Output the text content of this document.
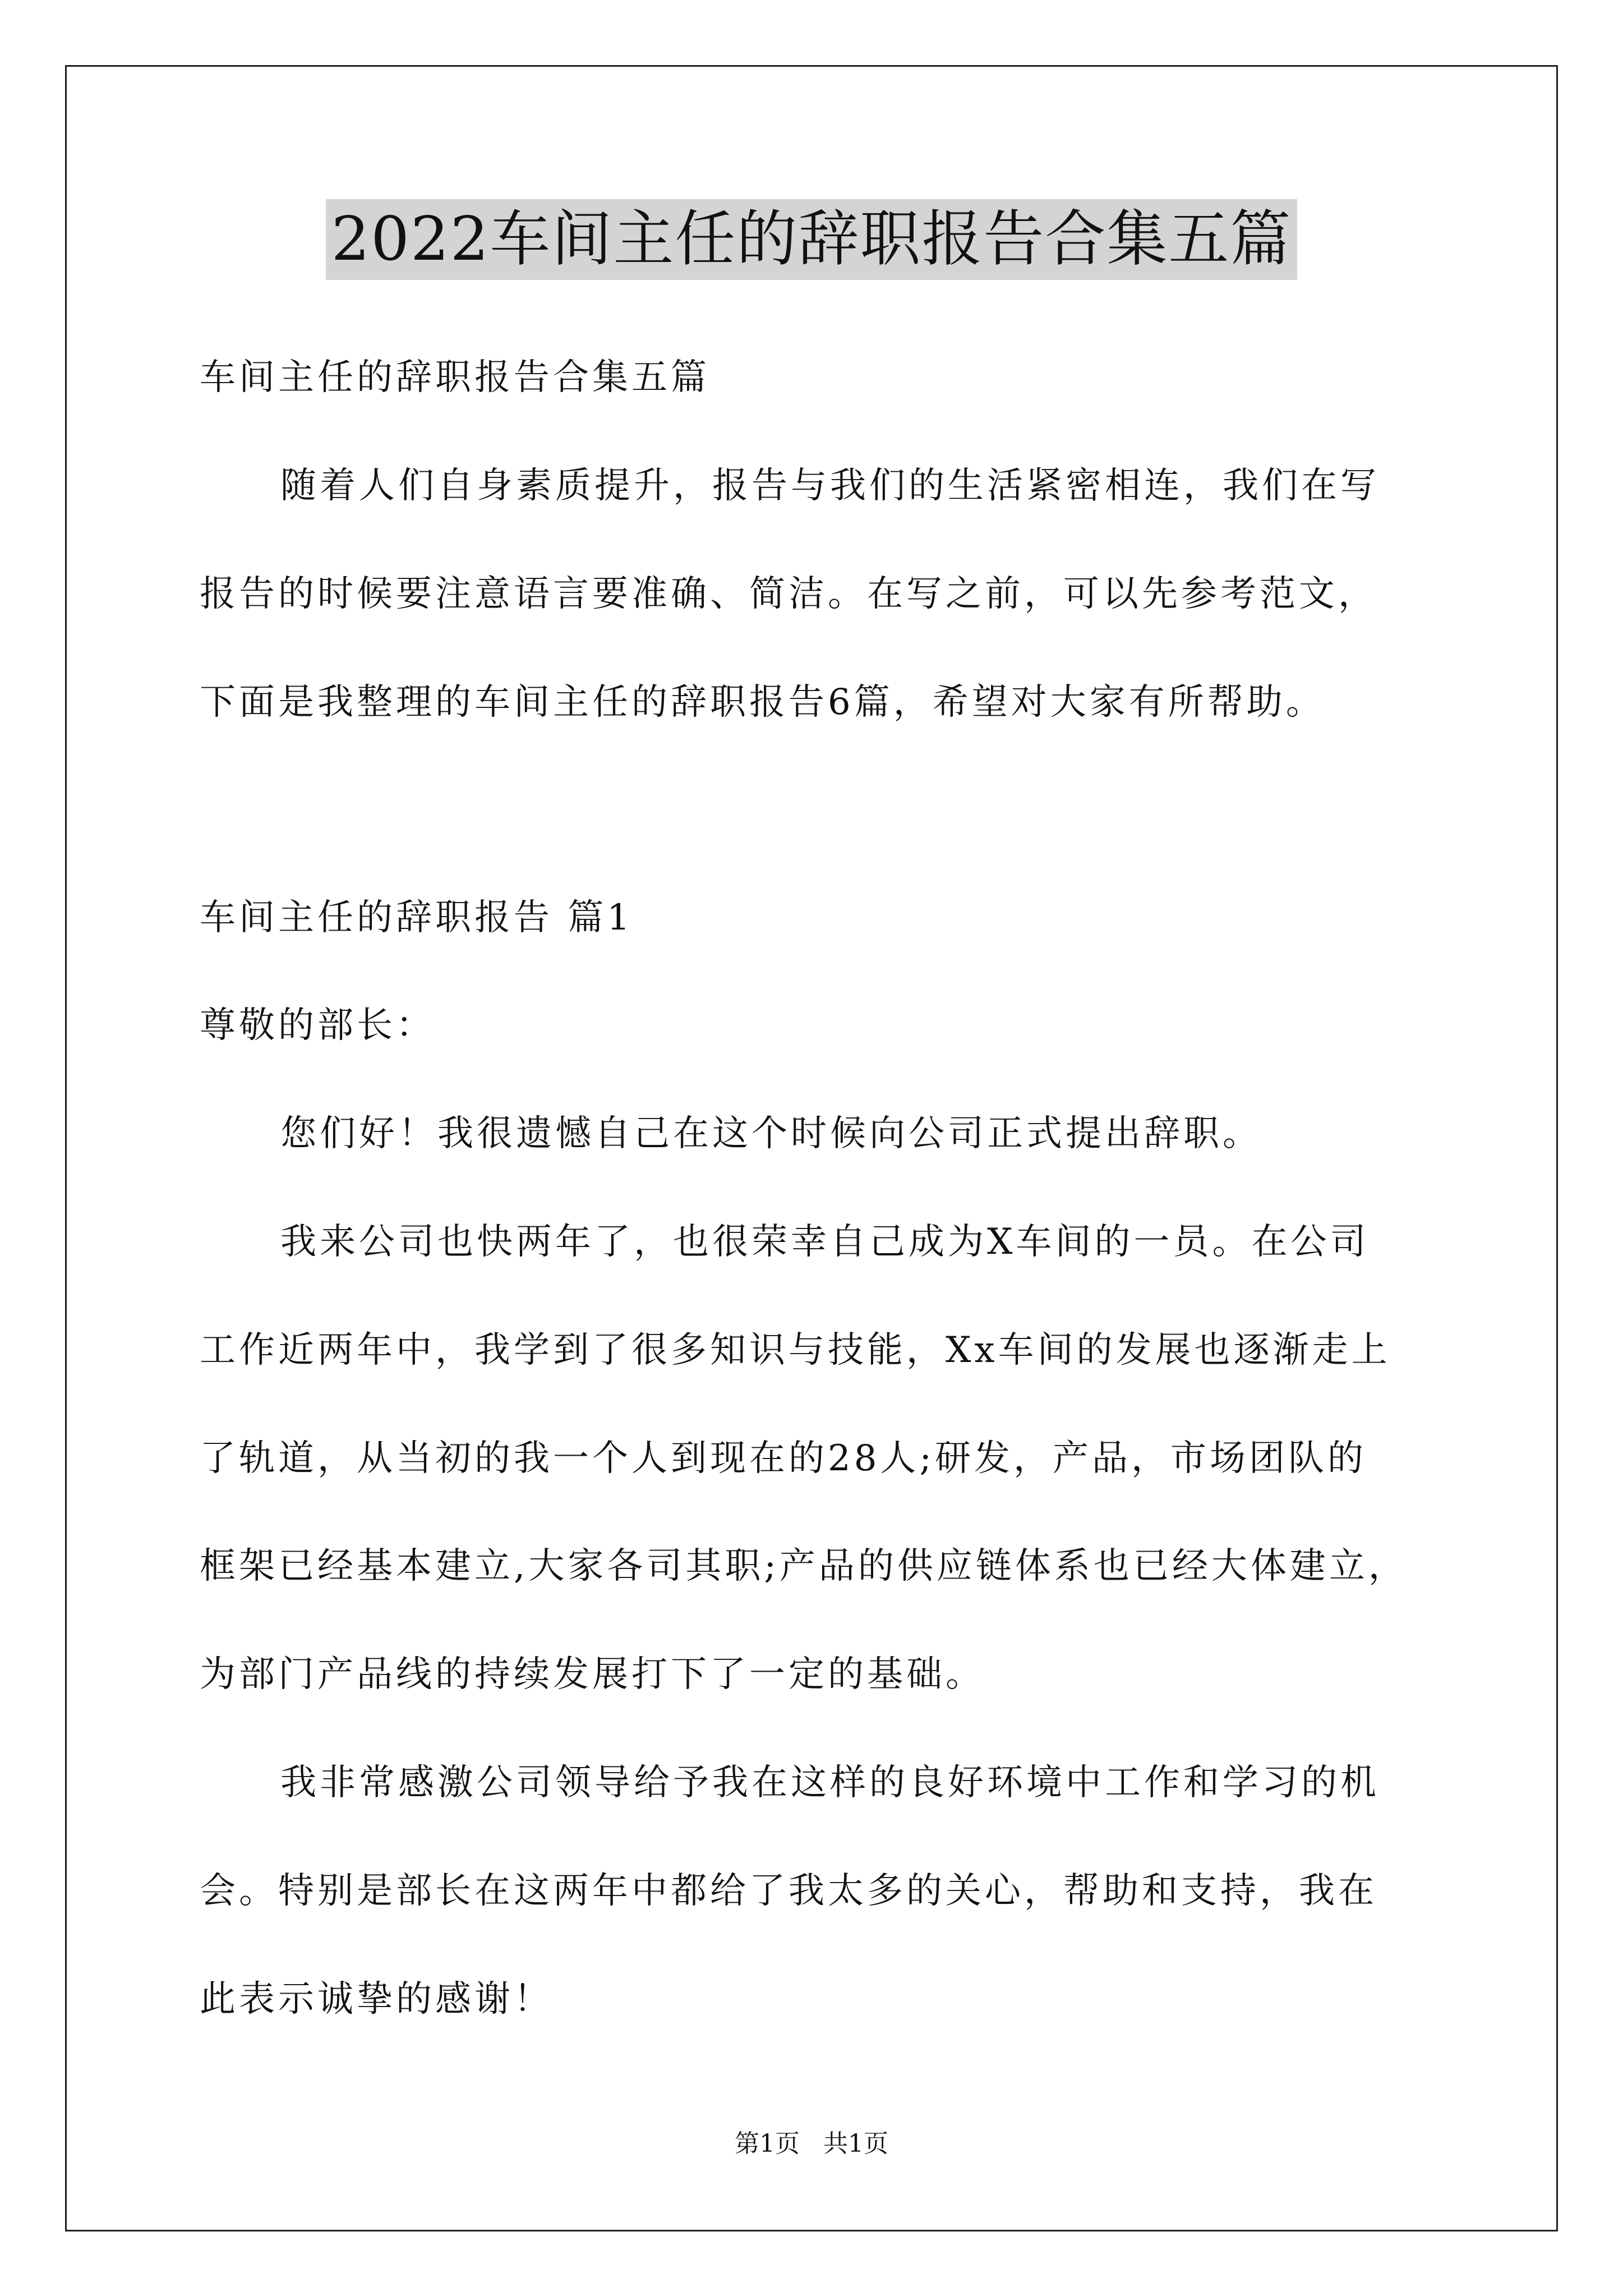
2022车间主任的辞职报告合集五篇
车间主任的辞职报告合集五篇
随着人们自身素质提升，报告与我们的生活紧密相连，我们在写
报告的时候要注意语言要准确、简洁。在写之前，可以先参考范文，
下面是我整理的车间主任的辞职报告6篇，希望对大家有所帮助。
车间主任的辞职报告 篇1
尊敬的部长：
您们好！我很遗憾自己在这个时候向公司正式提出辞职。
我来公司也快两年了，也很荣幸自己成为X车间的一员。在公司
工作近两年中，我学到了很多知识与技能，Xx车间的发展也逐渐走上
了轨道，从当初的我一个人到现在的28人;研发，产品，市场团队的
框架已经基本建立,大家各司其职;产品的供应链体系也已经大体建立，
为部门产品线的持续发展打下了一定的基础。
我非常感激公司领导给予我在这样的良好环境中工作和学习的机
会。特别是部长在这两年中都给了我太多的关心，帮助和支持，我在
此表示诚挚的感谢！
第1页   共1页
